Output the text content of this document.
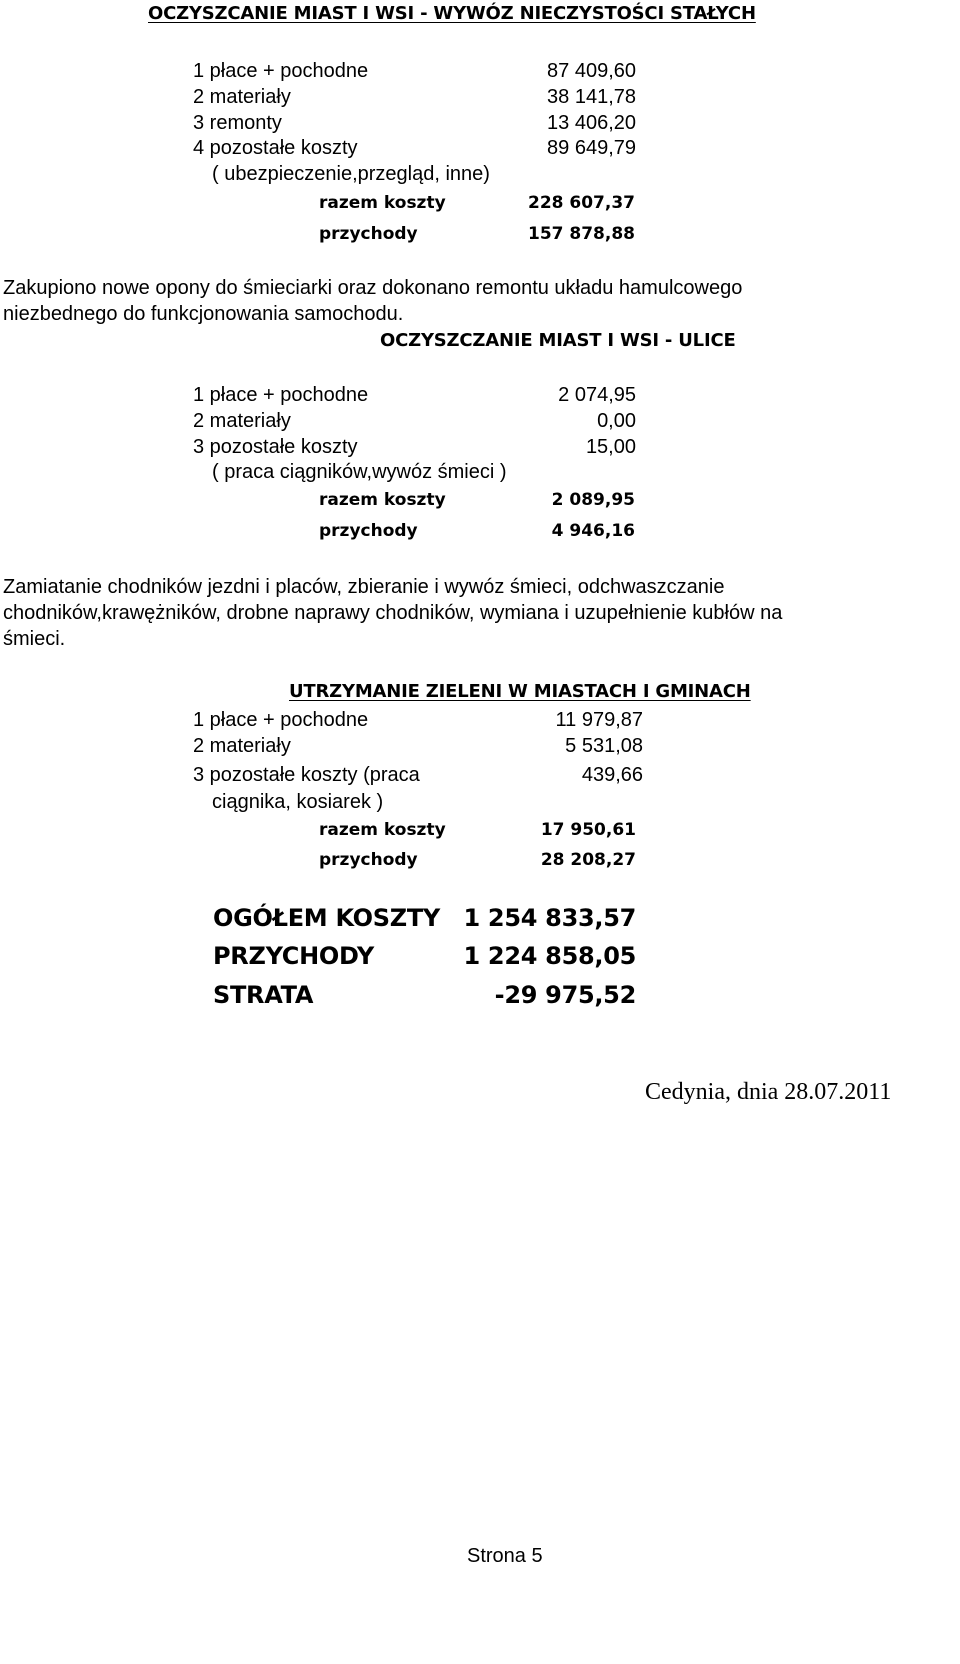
OCZYSZCANIE MIAST I WSI - WYWÓZ NIECZYSTOŚCI STAŁYCH
1 płace + pochodne	87 409,60
2 materiały	38 141,78
3 remonty	13 406,20
4 pozostałe koszty	89 649,79
( ubezpieczenie,przegląd, inne)
razem koszty	228 607,37
przychody	157 878,88
Zakupiono nowe opony do śmieciarki oraz dokonano remontu układu hamulcowego niezbednego do funkcjonowania samochodu.
OCZYSZCZANIE MIAST I WSI - ULICE
1 płace + pochodne	2 074,95
2 materiały	0,00
3 pozostałe koszty	15,00
( praca ciągników,wywóz śmieci )
razem koszty	2 089,95
przychody	4 946,16
Zamiatanie chodników jezdni i placów, zbieranie i wywóz śmieci, odchwaszczanie chodników,krawężników, drobne naprawy chodników, wymiana i uzupełnienie kubłów na śmieci.
UTRZYMANIE ZIELENI W MIASTACH I GMINACH
1 płace + pochodne	11 979,87
2 materiały	5 531,08
3 pozostałe koszty (praca	439,66
ciągnika, kosiarek )
razem koszty	17 950,61
przychody	28 208,27
OGÓŁEM KOSZTY 1 254 833,57
PRZYCHODY	1 224 858,05
STRATA	-29 975,52
Cedynia, dnia 28.07.2011
Strona 5
